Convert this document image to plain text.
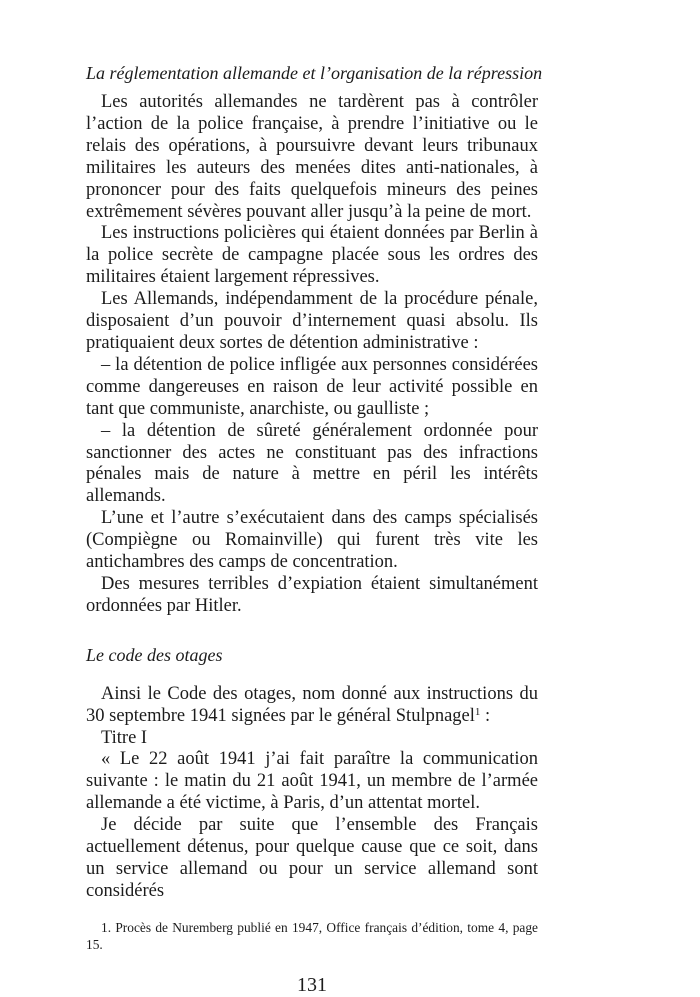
La réglementation allemande et l’organisation de la répression

Les autorités allemandes ne tardèrent pas à contrôler l’action de la police française, à prendre l’initiative ou le relais des opérations, à poursuivre devant leurs tribunaux militaires les auteurs des menées dites anti-nationales, à prononcer pour des faits quelquefois mineurs des peines extrêmement sévères pouvant aller jusqu’à la peine de mort.

Les instructions policières qui étaient données par Berlin à la police secrète de campagne placée sous les ordres des militaires étaient largement répressives.

Les Allemands, indépendamment de la procédure pénale, disposaient d’un pouvoir d’internement quasi absolu. Ils pratiquaient deux sortes de détention administrative :

– la détention de police infligée aux personnes considérées comme dangereuses en raison de leur activité possible en tant que communiste, anarchiste, ou gaulliste ;

– la détention de sûreté généralement ordonnée pour sanctionner des actes ne constituant pas des infractions pénales mais de nature à mettre en péril les intérêts allemands.

L’une et l’autre s’exécutaient dans des camps spécialisés (Compiègne ou Romainville) qui furent très vite les antichambres des camps de concentration.

Des mesures terribles d’expiation étaient simultanément ordonnées par Hitler.

Le code des otages

Ainsi le Code des otages, nom donné aux instructions du 30 septembre 1941 signées par le général Stulpnagel$^1$ :

Titre I

« Le 22 août 1941 j’ai fait paraître la communication suivante : le matin du 21 août 1941, un membre de l’armée allemande a été victime, à Paris, d’un attentat mortel.

Je décide par suite que l’ensemble des Français actuellement détenus, pour quelque cause que ce soit, dans un service allemand ou pour un service allemand sont considérés

1. Procès de Nuremberg publié en 1947, Office français d’édition, tome 4, page 15.

131
